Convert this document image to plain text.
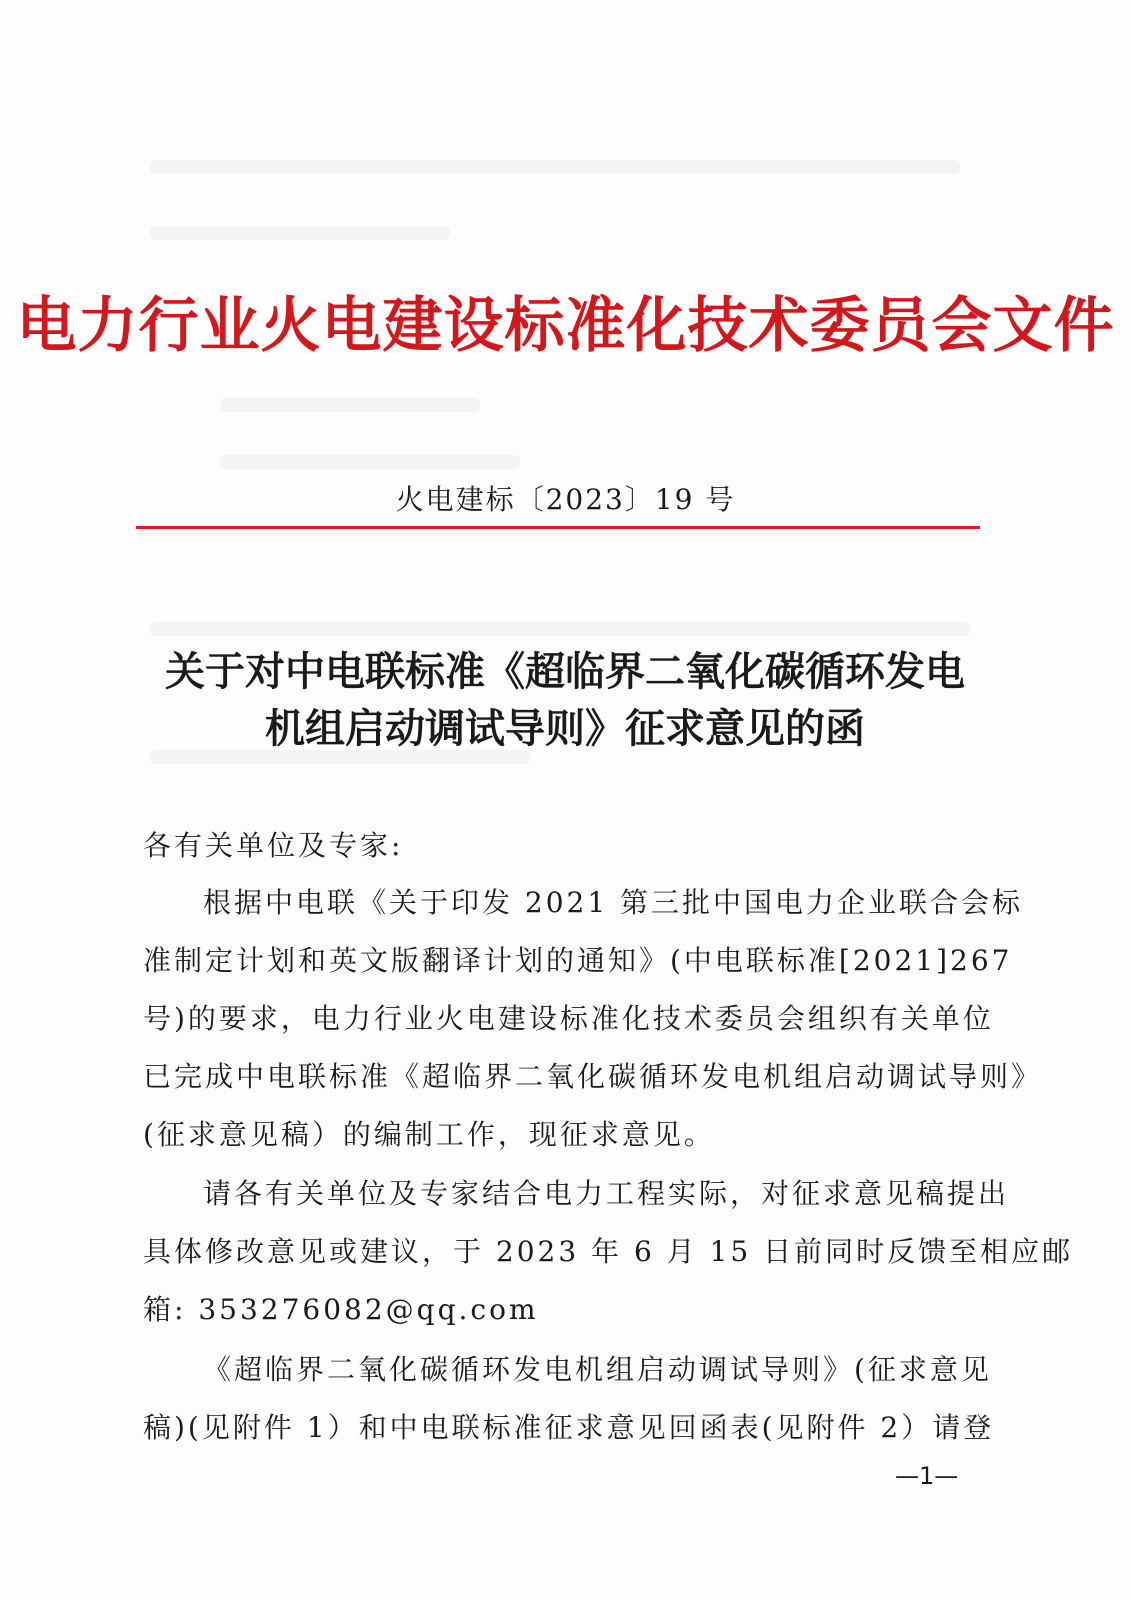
电力行业火电建设标准化技术委员会文件
火电建标〔2023〕19 号
关于对中电联标准《超临界二氧化碳循环发电
机组启动调试导则》征求意见的函
各有关单位及专家:
根据中电联《关于印发 2021 第三批中国电力企业联合会标
准制定计划和英文版翻译计划的通知》(中电联标准[2021]267
号)的要求，电力行业火电建设标准化技术委员会组织有关单位
已完成中电联标准《超临界二氧化碳循环发电机组启动调试导则》
(征求意见稿）的编制工作，现征求意见。
请各有关单位及专家结合电力工程实际，对征求意见稿提出
具体修改意见或建议，于 2023 年 6 月 15 日前同时反馈至相应邮
箱: 353276082@qq.com
《超临界二氧化碳循环发电机组启动调试导则》(征求意见
稿)(见附件 1）和中电联标准征求意见回函表(见附件 2）请登
—1—
